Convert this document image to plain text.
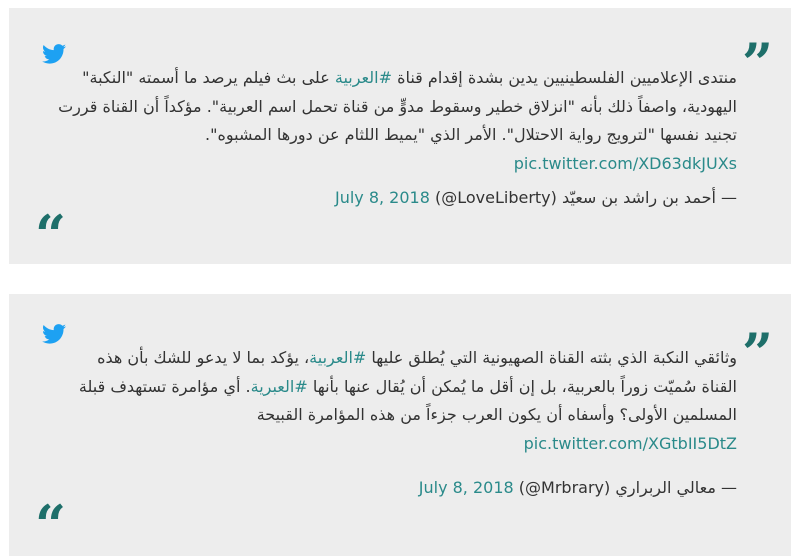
”
منتدى الإعلاميين الفلسطينيين يدين بشدة إقدام قناة #العربية على بث فيلم يرصد ما أسمته "النكبة" اليهودية، واصفاً ذلك بأنه "انزلاق خطير وسقوط مدوٍّ من قناة تحمل اسم العربية". مؤكداً أن القناة قررت تجنيد نفسها "لترويج رواية الاحتلال". الأمر الذي "يميط اللثام عن دورها المشبوه". pic.twitter.com/XD63dkJUXs
— أحمد بن راشد بن سعيّد (LoveLiberty@) July 8, 2018
“
”
وثائقي النكبة الذي بثته القناة الصهيونية التي يُطلق عليها #العربية، يؤكد بما لا يدعو للشك بأن هذه القناة سُميّت زوراً بالعربية، بل إن أقل ما يُمكن أن يُقال عنها بأنها #العبرية. أي مؤامرة تستهدف قبلة المسلمين الأولى؟ وأسفاه أن يكون العرب جزءاً من هذه المؤامرة القبيحة pic.twitter.com/XGtbII5DtZ
— معالي الربراري (Mrbrary@) July 8, 2018
“
